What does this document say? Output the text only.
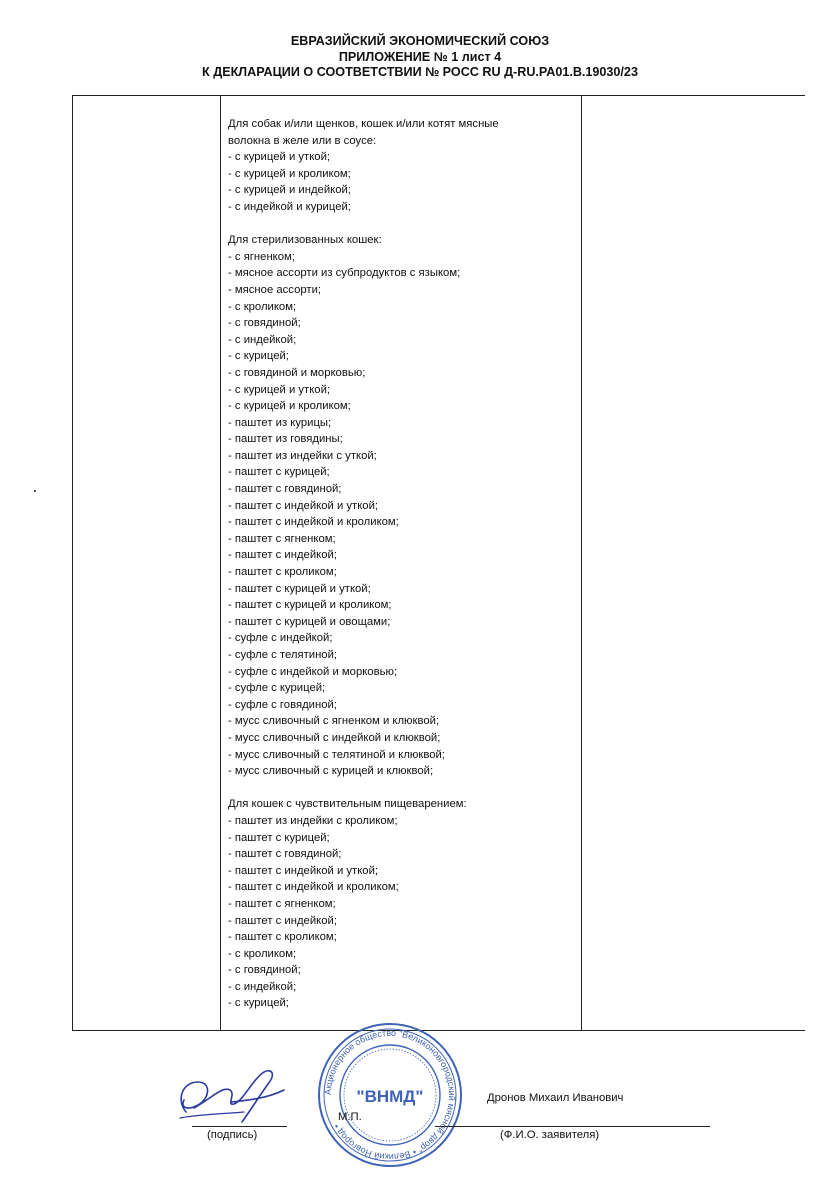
ЕВРАЗИЙСКИЙ ЭКОНОМИЧЕСКИЙ СОЮЗ
ПРИЛОЖЕНИЕ № 1 лист 4
К ДЕКЛАРАЦИИ О СООТВЕТСТВИИ № РОСС RU Д-RU.РА01.В.19030/23
Для собак и/или щенков, кошек и/или котят мясные
волокна в желе или в соусе:
- с курицей и уткой;
- с курицей и кроликом;
- с курицей и индейкой;
- с индейкой и курицей;
Для стерилизованных кошек:
- с ягненком;
- мясное ассорти из субпродуктов с языком;
- мясное ассорти;
- с кроликом;
- с говядиной;
- с индейкой;
- с курицей;
- с говядиной и морковью;
- с курицей и уткой;
- с курицей и кроликом;
- паштет из курицы;
- паштет из говядины;
- паштет из индейки с уткой;
- паштет с курицей;
- паштет с говядиной;
- паштет с индейкой и уткой;
- паштет с индейкой и кроликом;
- паштет с ягненком;
- паштет с индейкой;
- паштет с кроликом;
- паштет с курицей и уткой;
- паштет с курицей и кроликом;
- паштет с курицей и овощами;
- суфле с индейкой;
- суфле с телятиной;
- суфле с индейкой и морковью;
- суфле с курицей;
- суфле с говядиной;
- мусс сливочный с ягненком и клюквой;
- мусс сливочный с индейкой и клюквой;
- мусс сливочный с телятиной и клюквой;
- мусс сливочный с курицей и клюквой;
Для кошек с чувствительным пищеварением:
- паштет из индейки с кроликом;
- паштет с курицей;
- паштет с говядиной;
- паштет с индейкой и уткой;
- паштет с индейкой и кроликом;
- паштет с ягненком;
- паштет с индейкой;
- паштет с кроликом;
- с кроликом;
- с говядиной;
- с индейкой;
- с курицей;
(подпись)
Акционерное общество "Великоновгородский мясной двор" • Великий Новгород •
"ВНМД"
М.П.
Дронов Михаил Иванович
(Ф.И.О. заявителя)
